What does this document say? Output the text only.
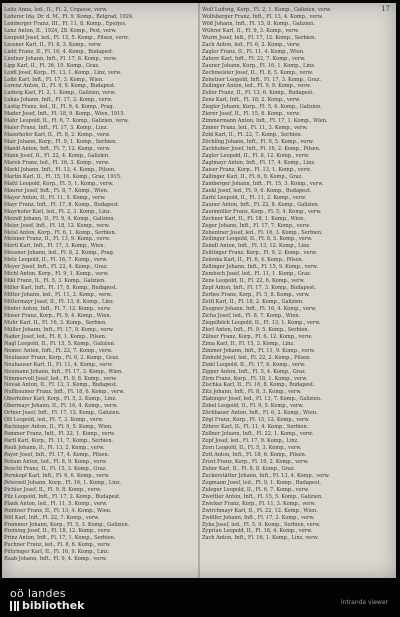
17
Leitz Anna, led., II., Fl. 2, Urgasse, verw.
Lederer Ida, Dr. d. M., Fl. 9, Komp., Belgrad, 1924.
Lemberger Franz, III., Fl. 11, 8. Komp., Eperjes.
Lenz Anton, II., 1924, 28. Komp., Pest, verw.
Leopold Josef, led., Fl. 15, 5. Komp., Pilsen, verw.
Lessner Karl, II., Fl. 8, 3. Komp., verw.
Liebl Franz, II., Fl. 16, 4. Komp., Budapest.
Lindner Johann, Inft., Fl. 17, 8. Komp., verw.
Lipp Karl, II., Fl. 36, 10. Komp., Graz.
Loidl Josef, Korp., Fl. 13, 1. Komp., Linz, verw.
Loibl Karl, Inft., Fl. 17, 3. Komp., Wien.
Lorenz Anton, II., Fl. 9, 9. Komp., Budapest.
Ludwig Karl, Fl. 2, 1. Komp., Galizien, verw.
Lukas Johann, Inft., Fl. 17, 2. Komp., verw.
Lustig Franz, led., II., Fl. 9, 4. Komp., Prag.
Mader Josef, Inft., Fl. 18, 9. Komp., Wien, 1915.
Mahr Leopold, II., Fl. 6, 7. Komp., Galizien, verw.
Maier Franz, Inft., Fl. 17, 3. Komp., Linz.
Maierhofer Karl, II., Fl. 8, 2. Komp., verw.
Mair Johann, Korp., Fl. 9, 1. Komp., Serbien.
Mandl Anton, Inft., Fl. 7, 12. Komp., verw.
Mann Josef, II., Fl. 22, 4. Komp., Galizien.
Marek Franz, led., Fl. 16, 3. Komp., verw.
Markl Johann, Inft., Fl. 13, 4. Komp., Pilsen.
Martin Karl, II., Fl. 15, 16. Komp., Graz, 1915.
Mattl Leopold, Korp., Fl. 5, 1. Komp., verw.
Maurer Josef, Inft., Fl. 8, 7. Komp., Wien.
Mayer Anton, II., Fl. 11, 5. Komp., verw.
Mayr Franz, Inft., Fl. 17, 8. Komp., Budapest.
Mayrhofer Karl, led., Fl. 2, 3. Komp., Linz.
Meindl Johann, II., Fl. 9, 4. Komp., Galizien.
Meier Josef, Inft., Fl. 18, 12. Komp., verw.
Meisl Anton, Korp., Fl. 6, 1. Komp., Serbien.
Meixner Franz, II., Fl. 13, 9. Komp., verw.
Mertl Karl, Inft., Fl. 17, 3. Komp., Wien.
Messner Johann, led., Fl. 8, 2. Komp., Prag.
Metz Leopold, II., Fl. 16, 7. Komp., verw.
Meyer Josef, Inft., Fl. 22, 4. Komp., Graz.
Michl Anton, Korp., Fl. 9, 1. Komp., verw.
Mikl Franz, II., Fl. 5, 3. Komp., Galizien.
Miller Karl, Inft., Fl. 17, 8. Komp., Budapest.
Mitter Johann, led., Fl. 11, 2. Komp., verw.
Mittermayr Josef, II., Fl. 13, 6. Komp., Linz.
Moder Anton, Inft., Fl. 7, 12. Komp., verw.
Moser Franz, Korp., Fl. 9, 4. Komp., Wien.
Muhr Karl, II., Fl. 16, 3. Komp., Serbien.
Müller Johann, Inft., Fl. 17, 9. Komp., verw.
Nader Josef, led., Fl. 8, 1. Komp., Pilsen.
Nagl Leopold, II., Fl. 15, 5. Komp., Galizien.
Nemec Anton, Inft., Fl. 22, 7. Komp., verw.
Neubauer Franz, Korp., Fl. 6, 2. Komp., Graz.
Neuhauser Karl, II., Fl. 11, 4. Komp., verw.
Neumann Johann, Inft., Fl. 17, 3. Komp., Wien.
Nimmervoll Josef, led., Fl. 9, 8. Komp., verw.
Novak Anton, II., Fl. 13, 1. Komp., Budapest.
Nußbaumer Franz, Inft., Fl. 18, 6. Komp., verw.
Oberhuber Karl, Korp., Fl. 5, 2. Komp., Linz.
Obermayr Johann, II., Fl. 16, 4. Komp., verw.
Ortner Josef, Inft., Fl. 17, 12. Komp., Galizien.
Ott Leopold, led., Fl. 7, 3. Komp., verw.
Pachinger Anton, II., Fl. 9, 5. Komp., Wien.
Pammer Franz, Inft., Fl. 22, 1. Komp., verw.
Partl Karl, Korp., Fl. 11, 7. Komp., Serbien.
Pauli Johann, II., Fl. 13, 2. Komp., verw.
Payer Josef, Inft., Fl. 17, 4. Komp., Pilsen.
Peham Anton, led., Fl. 8, 9. Komp., verw.
Peischl Franz, II., Fl. 15, 3. Komp., Graz.
Pernkopf Karl, Inft., Fl. 6, 6. Komp., verw.
Peterseil Johann, Korp., Fl. 16, 1. Komp., Linz.
Pichler Josef, II., Fl. 9, 8. Komp., verw.
Pilz Leopold, Inft., Fl. 17, 2. Komp., Budapest.
Plank Anton, led., Fl. 11, 5. Komp., verw.
Pointner Franz, II., Fl. 13, 4. Komp., Wien.
Pöll Karl, Inft., Fl. 22, 7. Komp., verw.
Prammer Johann, Korp., Fl. 5, 3. Komp., Galizien.
Preining Josef, II., Fl. 18, 12. Komp., verw.
Prinz Anton, Inft., Fl. 17, 1. Komp., Serbien.
Puchner Franz, led., Fl. 8, 6. Komp., verw.
Pühringer Karl, II., Fl. 16, 9. Komp., Linz.
Raab Johann, Inft., Fl. 9, 4. Komp., verw.
Wolf Ludwig, Korp., Fl. 2, 1. Komp., Galizien, verw.
Wolfsberger Franz, Inft., Fl. 13, 4. Komp., verw.
Wöß Johann, Inft., Fl. 15, 8. Komp., Galizien.
Wührer Karl, II., Fl. 9, 3. Komp., verw.
Wurm Josef, Inft., Fl. 17, 12. Komp., Serbien.
Zach Anton, led., Fl. 6, 2. Komp., verw.
Zagler Franz, II., Fl. 11, 4. Komp., Wien.
Zahrer Karl, Inft., Fl. 22, 7. Komp., verw.
Zauner Johann, Korp., Fl. 16, 1. Komp., Linz.
Zechmeister Josef, II., Fl. 8, 5. Komp., verw.
Zehetner Leopold, Inft., Fl. 17, 3. Komp., Graz.
Zeilinger Anton, led., Fl. 9, 9. Komp., verw.
Zeller Franz, II., Fl. 13, 6. Komp., Budapest.
Zenz Karl, Inft., Fl. 18, 2. Komp., verw.
Ziegler Johann, Korp., Fl. 5, 4. Komp., Galizien.
Zierer Josef, II., Fl. 15, 8. Komp., verw.
Zimmermann Anton, Inft., Fl. 17, 1. Komp., Wien.
Zinner Franz, led., Fl. 11, 3. Komp., verw.
Zobl Karl, II., Fl. 22, 7. Komp., Serbien.
Zöchling Johann, Inft., Fl. 9, 5. Komp., verw.
Zachhuber Josef, Inft., Fl. 16, 2. Komp., Pilsen.
Zagler Leopold, II., Fl. 8, 12. Komp., verw.
Zaglmayr Anton, Inft., Fl. 17, 4. Komp., Linz.
Zaiser Franz, Korp., Fl. 13, 1. Komp., verw.
Zallinger Karl, II., Fl. 6, 9. Komp., Graz.
Zamberger Johann, Inft., Fl. 15, 3. Komp., verw.
Zankl Josef, led., Fl. 9, 6. Komp., Budapest.
Zarbl Leopold, II., Fl. 11, 2. Komp., verw.
Zauner Anton, Inft., Fl. 22, 8. Komp., Galizien.
Zaunmüller Franz, Korp., Fl. 5, 4. Komp., verw.
Zechner Karl, II., Fl. 18, 1. Komp., Wien.
Zeger Johann, Inft., Fl. 17, 7. Komp., verw.
Zehentner Josef, led., Fl. 16, 3. Komp., Serbien.
Zeilinger Leopold, II., Fl. 8, 5. Komp., verw.
Zeindl Anton, Inft., Fl. 13, 12. Komp., Linz.
Zeitlinger Franz, Korp., Fl. 9, 2. Komp., verw.
Zelenka Karl, II., Fl. 6, 4. Komp., Pilsen.
Zellinger Johann, Inft., Fl. 15, 9. Komp., verw.
Zembsch Josef, led., Fl. 11, 1. Komp., Graz.
Zens Leopold, II., Fl. 22, 6. Komp., verw.
Zepf Anton, Inft., Fl. 17, 3. Komp., Budapest.
Zerbes Franz, Korp., Fl. 5, 8. Komp., verw.
Zettl Karl, II., Fl. 18, 2. Komp., Galizien.
Zeugner Johann, Inft., Fl. 16, 4. Komp., verw.
Zicha Josef, led., Fl. 8, 7. Komp., Wien.
Ziegelböck Leopold, II., Fl. 13, 1. Komp., verw.
Zierl Anton, Inft., Fl. 9, 5. Komp., Serbien.
Zillner Franz, Korp., Fl. 6, 12. Komp., verw.
Zima Karl, II., Fl. 15, 3. Komp., Linz.
Zimmer Johann, Inft., Fl. 11, 9. Komp., verw.
Zinhobl Josef, led., Fl. 22, 2. Komp., Pilsen.
Zinkl Leopold, II., Fl. 17, 6. Komp., verw.
Zipper Anton, Inft., Fl. 5, 4. Komp., Graz.
Zirm Franz, Korp., Fl. 18, 1. Komp., verw.
Zischka Karl, II., Fl. 16, 8. Komp., Budapest.
Zitz Johann, Inft., Fl. 8, 3. Komp., verw.
Zlabinger Josef, led., Fl. 13, 7. Komp., Galizien.
Zobel Leopold, II., Fl. 9, 5. Komp., verw.
Zöchbauer Anton, Inft., Fl. 6, 2. Komp., Wien.
Zögl Franz, Korp., Fl. 15, 12. Komp., verw.
Zöhrer Karl, II., Fl. 11, 4. Komp., Serbien.
Zollner Johann, Inft., Fl. 22, 1. Komp., verw.
Zopf Josef, led., Fl. 17, 9. Komp., Linz.
Zorn Leopold, II., Fl. 5, 3. Komp., verw.
Zott Anton, Inft., Fl. 18, 6. Komp., Pilsen.
Zrost Franz, Korp., Fl. 16, 2. Komp., verw.
Zuber Karl, II., Fl. 8, 8. Komp., Graz.
Zuckerstätter Johann, Inft., Fl. 13, 4. Komp., verw.
Zugmann Josef, led., Fl. 9, 1. Komp., Budapest.
Zuleger Leopold, II., Fl. 6, 7. Komp., verw.
Zwettler Anton, Inft., Fl. 15, 5. Komp., Galizien.
Zwicker Franz, Korp., Fl. 11, 3. Komp., verw.
Zwirchmayr Karl, II., Fl. 22, 12. Komp., Wien.
Zwölfer Johann, Inft., Fl. 17, 2. Komp., verw.
Zyka Josef, led., Fl. 5, 9. Komp., Serbien, verw.
Zyprian Leopold, II., Fl. 18, 4. Komp., verw.
Zach Anton, Inft., Fl. 16, 1. Komp., Linz, verw.
oö landes
bibliothek	intranda viewer
